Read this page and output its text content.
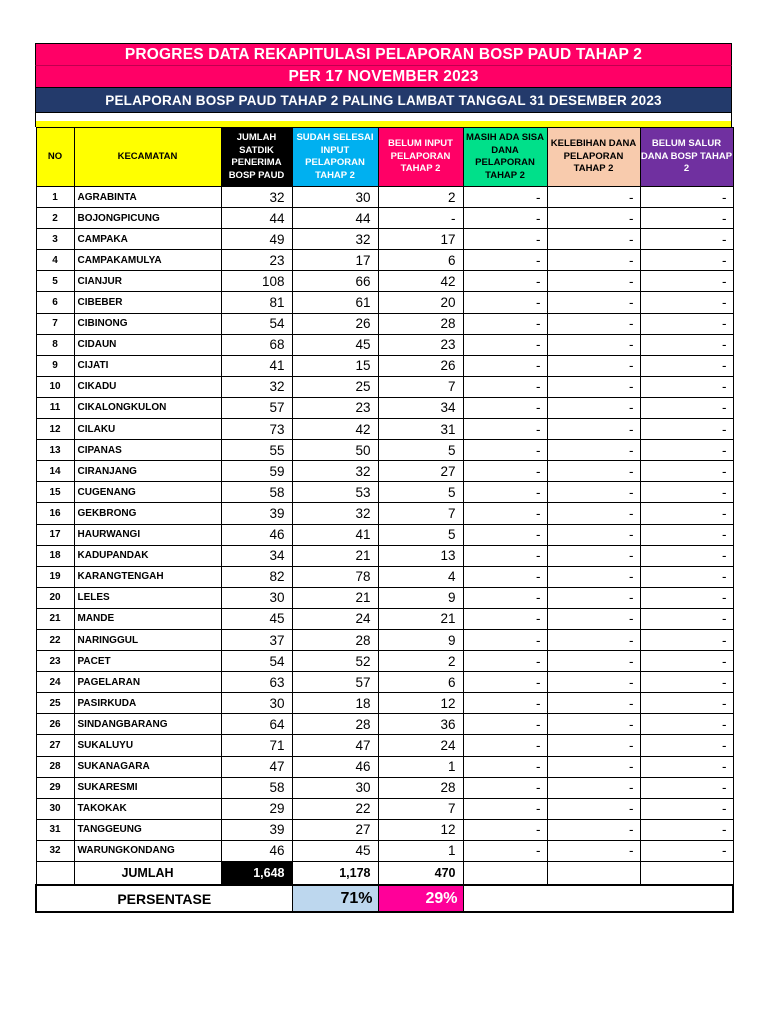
PROGRES DATA REKAPITULASI PELAPORAN BOSP PAUD TAHAP 2
PER 17 NOVEMBER 2023
PELAPORAN BOSP PAUD TAHAP 2 PALING LAMBAT TANGGAL 31 DESEMBER 2023
NO	KECAMATAN	JUMLAH SATDIK PENERIMA BOSP PAUD	SUDAH SELESAI INPUT PELAPORAN TAHAP 2	BELUM INPUT PELAPORAN TAHAP 2	MASIH ADA SISA DANA PELAPORAN TAHAP 2	KELEBIHAN DANA PELAPORAN TAHAP 2	BELUM SALUR DANA BOSP TAHAP 2
1	AGRABINTA	32	30	2	-	-	-
2	BOJONGPICUNG	44	44	-	-	-	-
3	CAMPAKA	49	32	17	-	-	-
4	CAMPAKAMULYA	23	17	6	-	-	-
5	CIANJUR	108	66	42	-	-	-
6	CIBEBER	81	61	20	-	-	-
7	CIBINONG	54	26	28	-	-	-
8	CIDAUN	68	45	23	-	-	-
9	CIJATI	41	15	26	-	-	-
10	CIKADU	32	25	7	-	-	-
11	CIKALONGKULON	57	23	34	-	-	-
12	CILAKU	73	42	31	-	-	-
13	CIPANAS	55	50	5	-	-	-
14	CIRANJANG	59	32	27	-	-	-
15	CUGENANG	58	53	5	-	-	-
16	GEKBRONG	39	32	7	-	-	-
17	HAURWANGI	46	41	5	-	-	-
18	KADUPANDAK	34	21	13	-	-	-
19	KARANGTENGAH	82	78	4	-	-	-
20	LELES	30	21	9	-	-	-
21	MANDE	45	24	21	-	-	-
22	NARINGGUL	37	28	9	-	-	-
23	PACET	54	52	2	-	-	-
24	PAGELARAN	63	57	6	-	-	-
25	PASIRKUDA	30	18	12	-	-	-
26	SINDANGBARANG	64	28	36	-	-	-
27	SUKALUYU	71	47	24	-	-	-
28	SUKANAGARA	47	46	1	-	-	-
29	SUKARESMI	58	30	28	-	-	-
30	TAKOKAK	29	22	7	-	-	-
31	TANGGEUNG	39	27	12	-	-	-
32	WARUNGKONDANG	46	45	1	-	-	-
	JUMLAH	1,648	1,178	470			
PERSENTASE			71%	29%			
